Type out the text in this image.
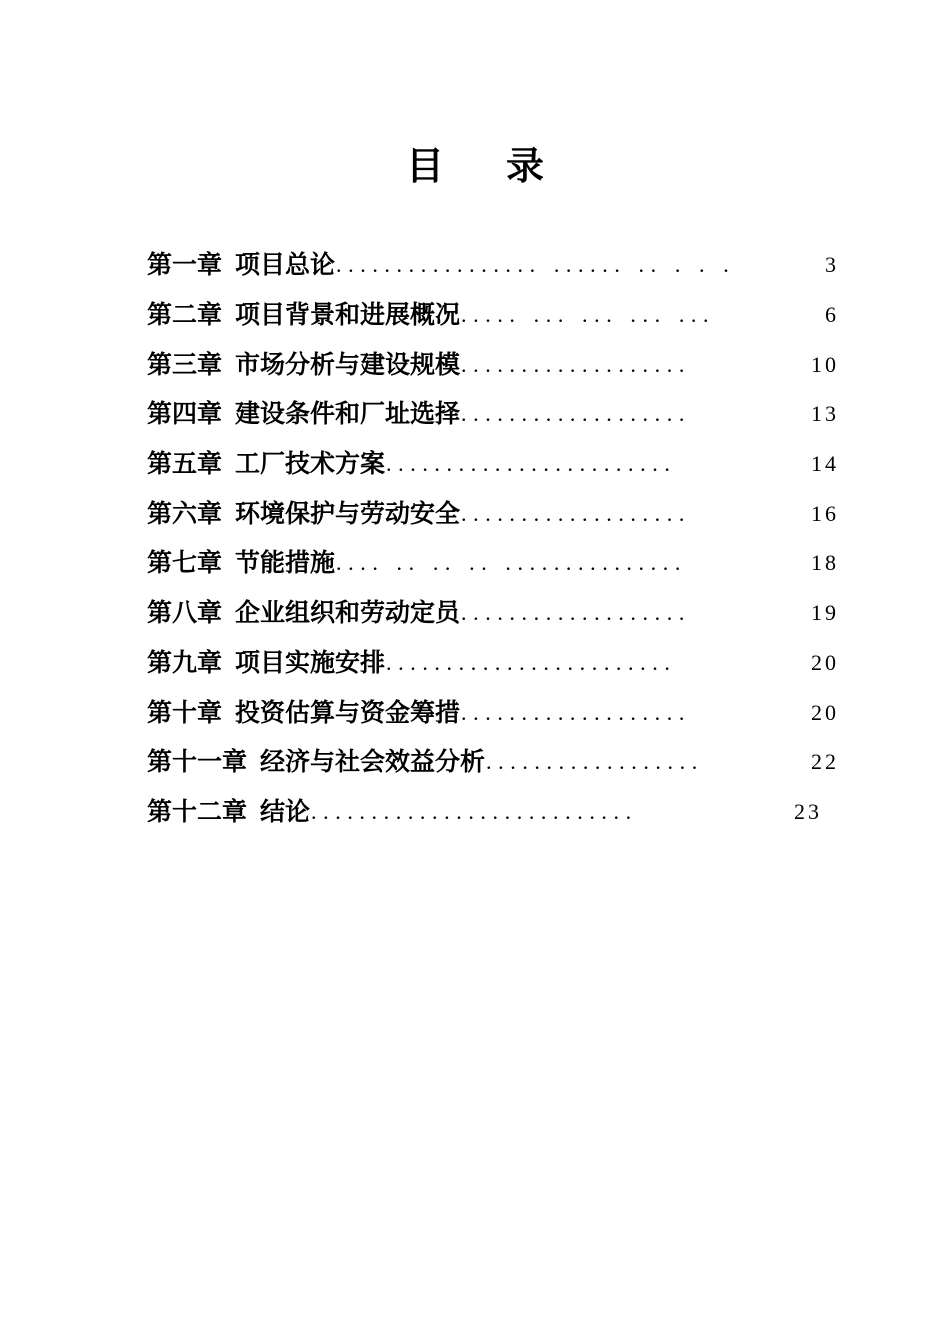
目 录
第一章 项目总论 ................. ...... .. . . .	3
第二章 项目背景和进展概况 ..... ... ... ... ...	6
第三章 市场分析与建设规模 ...................	10
第四章 建设条件和厂址选择 ...................	13
第五章 工厂技术方案 ........................	14
第六章 环境保护与劳动安全 ...................	16
第七章 节能措施 .... .. .. .. ...............	18
第八章 企业组织和劳动定员 ...................	19
第九章 项目实施安排 ........................	20
第十章 投资估算与资金筹措 ...................	20
第十一章 经济与社会效益分析 ..................	22
第十二章 结论 ...........................	23
